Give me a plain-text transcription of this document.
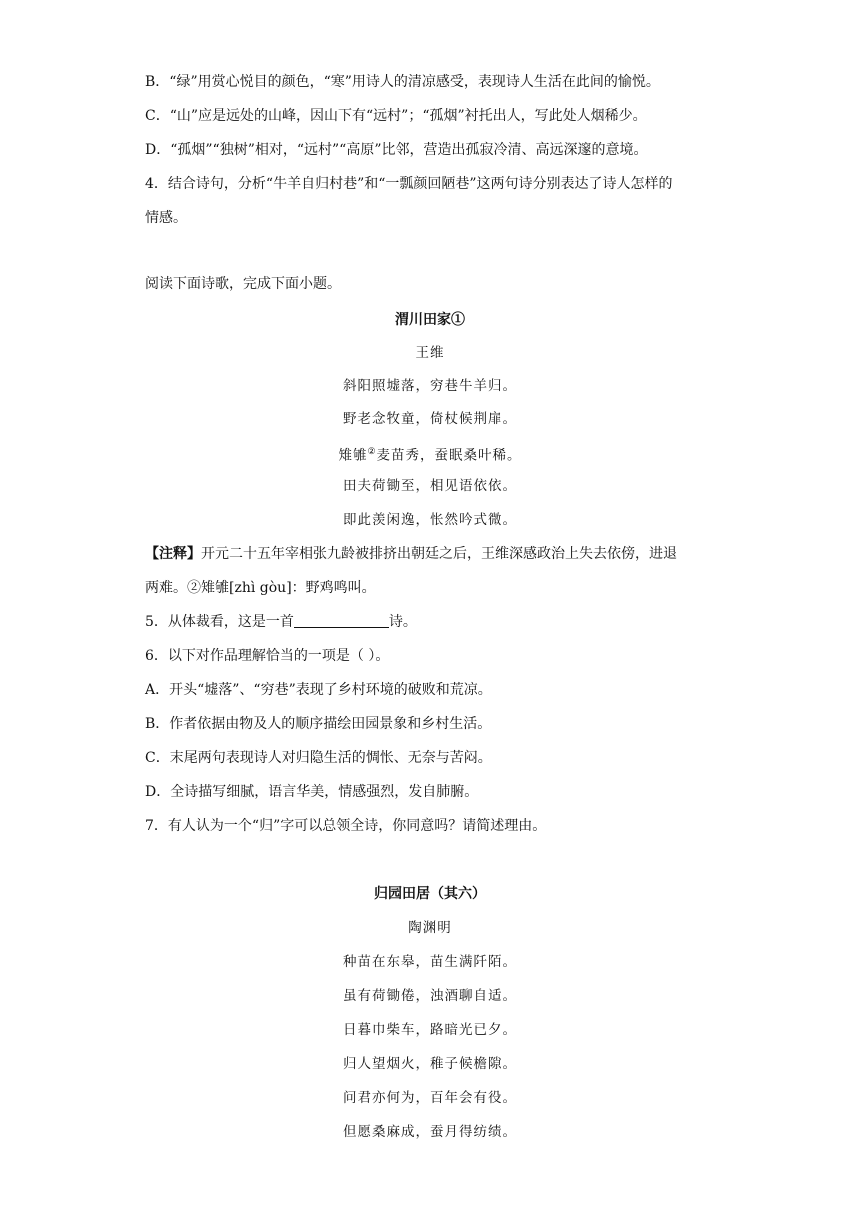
B．“绿”用赏心悦目的颜色，“寒”用诗人的清凉感受，表现诗人生活在此间的愉悦。
C．“山”应是远处的山峰，因山下有“远村”；“孤烟”衬托出人，写此处人烟稀少。
D．“孤烟”“独树”相对，“远村”“高原”比邻，营造出孤寂冷清、高远深邃的意境。
4．结合诗句，分析“牛羊自归村巷”和“一瓢颜回陋巷”这两句诗分别表达了诗人怎样的
情感。
阅读下面诗歌，完成下面小题。
渭川田家①
王维
斜阳照墟落，穷巷牛羊归。
野老念牧童，倚杖候荆扉。
雉雊②麦苗秀，蚕眠桑叶稀。
田夫荷锄至，相见语依依。
即此羡闲逸，怅然吟式微。
【注释】开元二十五年宰相张九龄被排挤出朝廷之后，王维深感政治上失去依傍，进退
两难。②雉雊[zhì gòu]：野鸡鸣叫。
5．从体裁看，这是一首	诗。
6．以下对作品理解恰当的一项是（ ）。
A．开头“墟落”、“穷巷”表现了乡村环境的破败和荒凉。
B．作者依据由物及人的顺序描绘田园景象和乡村生活。
C．末尾两句表现诗人对归隐生活的惆怅、无奈与苦闷。
D．全诗描写细腻，语言华美，情感强烈，发自肺腑。
7．有人认为一个“归”字可以总领全诗，你同意吗？请简述理由。
归园田居（其六）
陶渊明
种苗在东皋，苗生满阡陌。
虽有荷锄倦，浊酒聊自适。
日暮巾柴车，路暗光已夕。
归人望烟火，稚子候檐隙。
问君亦何为，百年会有役。
但愿桑麻成，蚕月得纺绩。
